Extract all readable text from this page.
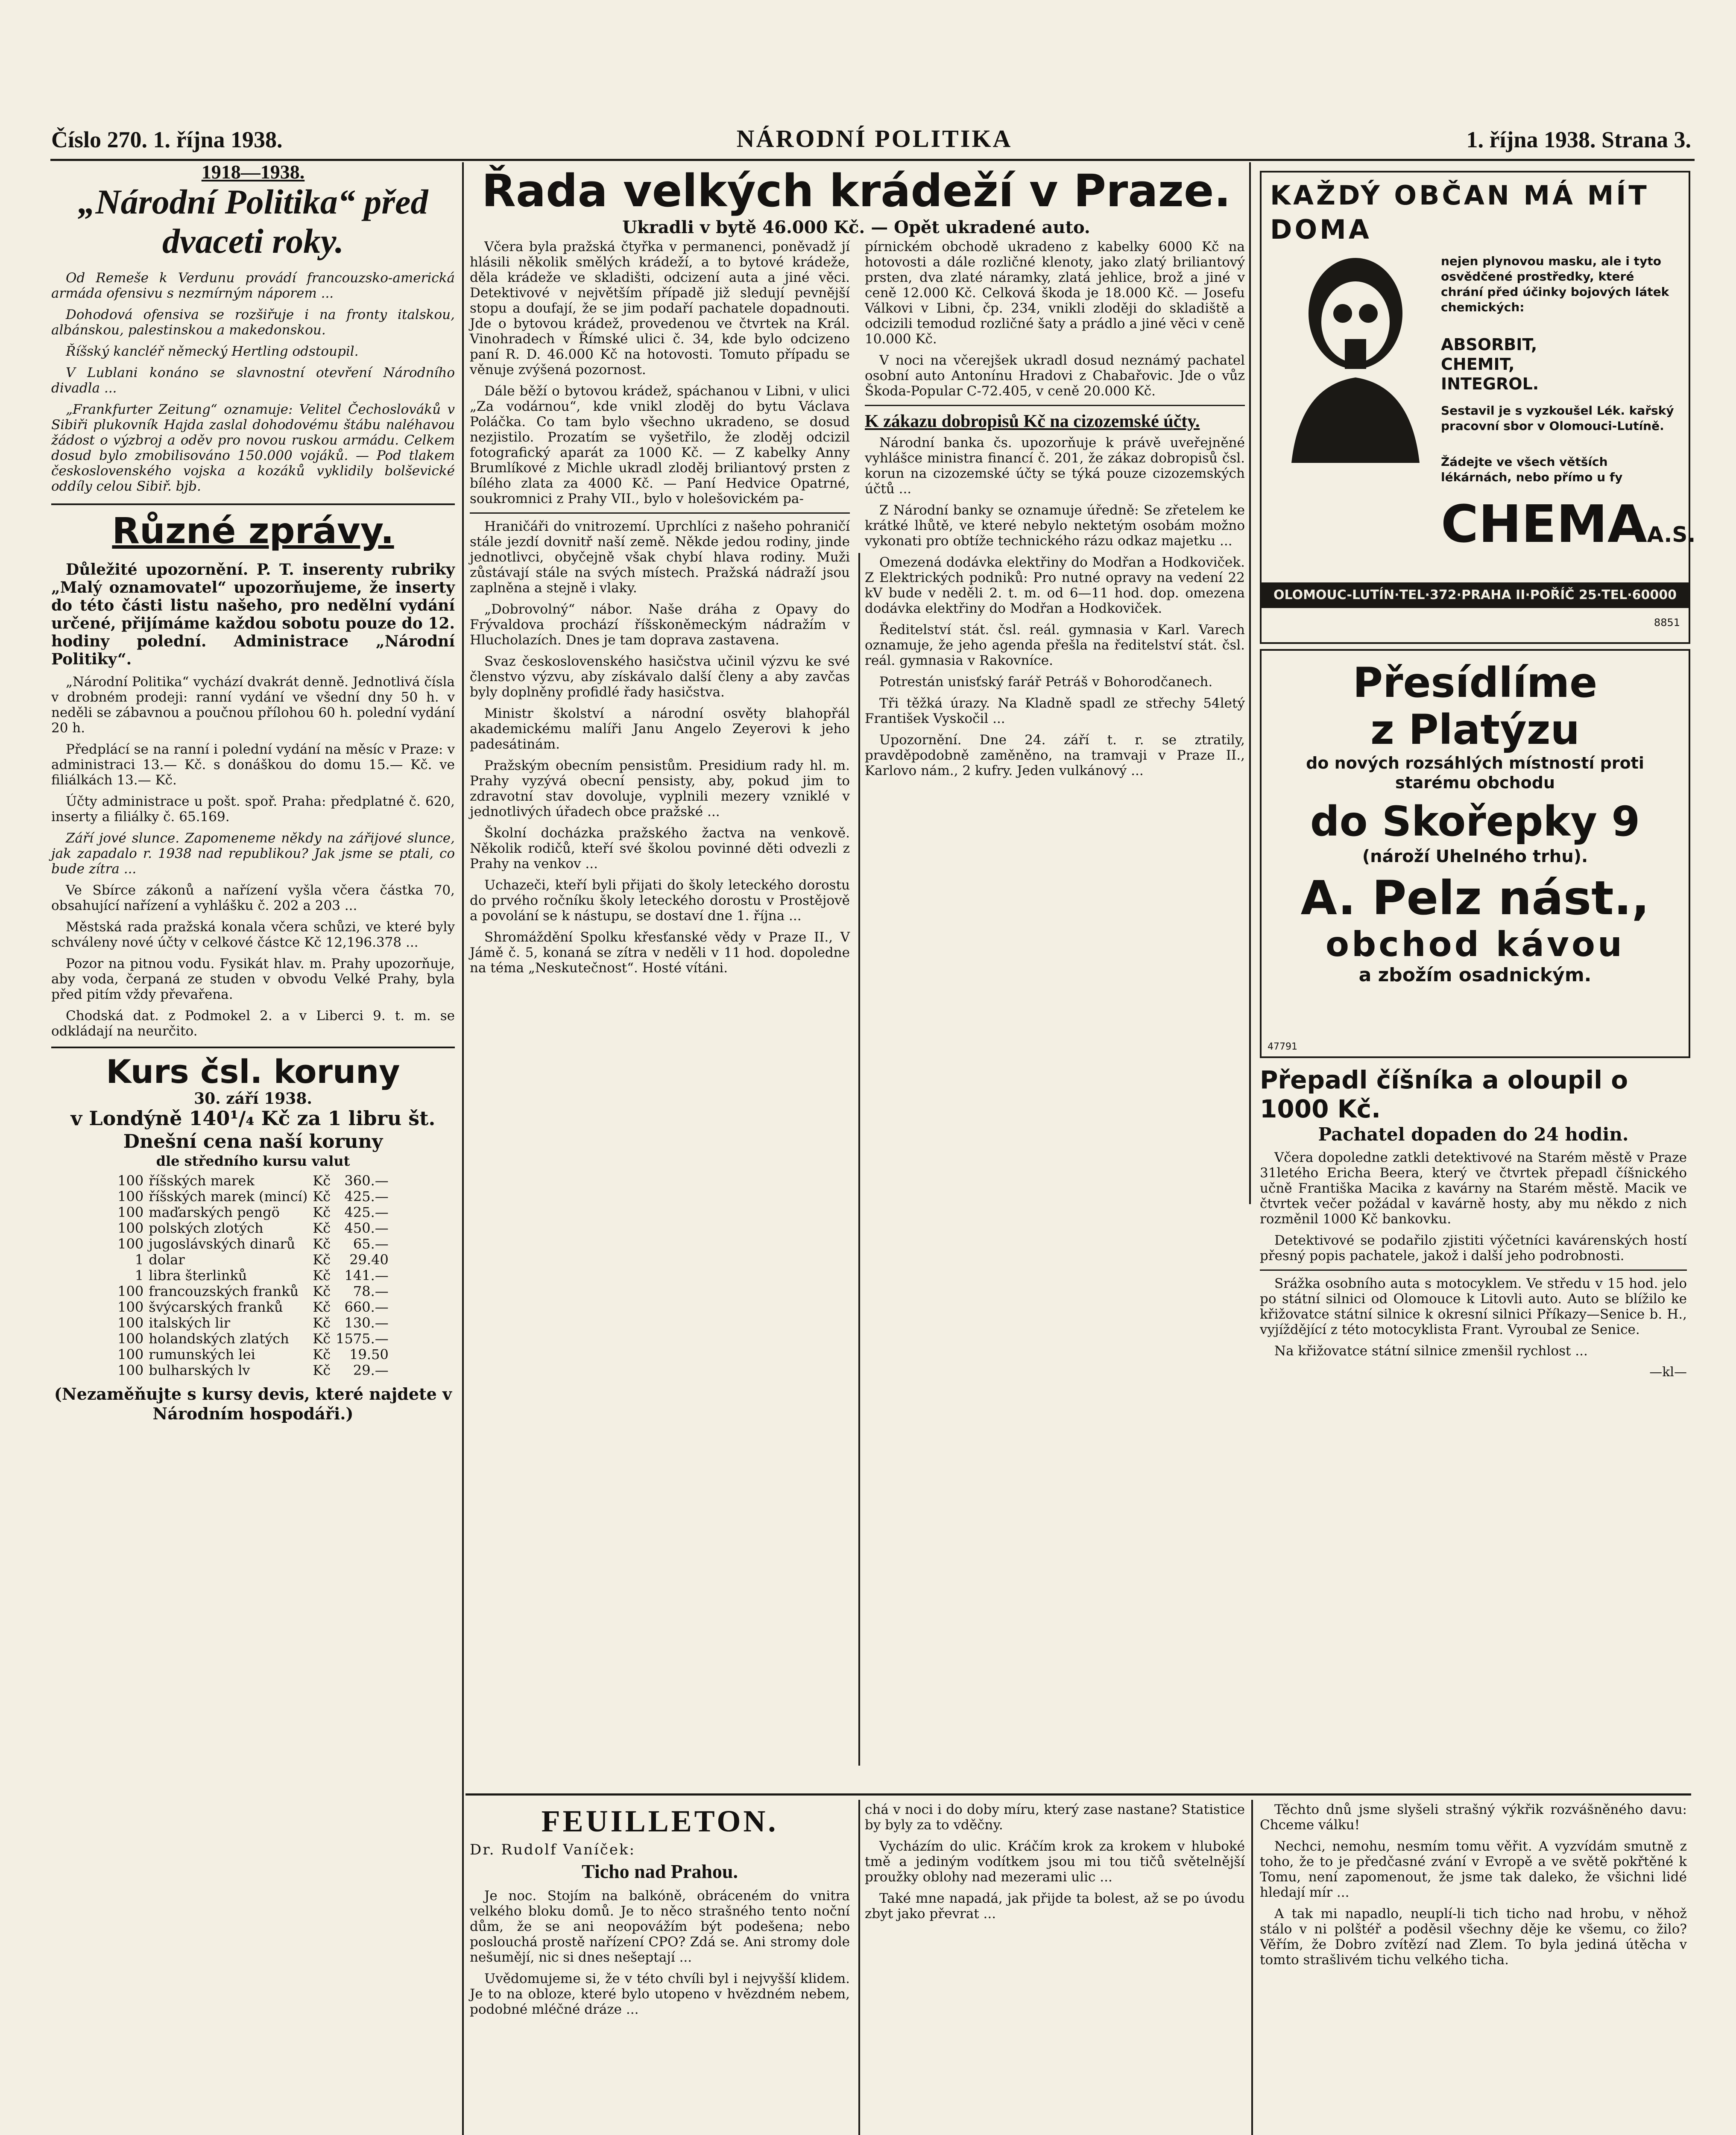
Číslo 270. 1. října 1938.	NÁRODNÍ POLITIKA	1. října 1938. Strana 3.
1918—1938.
„Národní Politika“ před dvaceti roky.

Od Remeše k Verdunu provádí francouzsko-americká armáda ofensivu s nezmírným náporem ...

Dohodová ofensiva se rozšiřuje i na fronty italskou, albánskou, palestinskou a makedonskou.

Říšský kancléř německý Hertling odstoupil.

V Lublani konáno se slavnostní otevření Národního divadla ...

„Frankfurter Zeitung“ oznamuje: Velitel Čechoslováků v Sibiři plukovník Hajda zaslal dohodovému štábu naléhavou žádost o výzbroj a oděv pro novou ruskou armádu. Celkem dosud bylo zmobilisováno 150.000 vojáků. — Pod tlakem československého vojska a kozáků vyklidily bolševické oddíly celou Sibiř. bjb.

Různé zprávy.

Důležité upozornění. P. T. inserenty rubriky „Malý oznamovatel“ upozorňujeme, že inserty do této části listu našeho, pro nedělní vydání určené, přijímáme každou sobotu pouze do 12. hodiny polední. Administrace „Národní Politiky“.

„Národní Politika“ vychází dvakrát denně. Jednotlivá čísla v drobném prodeji: ranní vydání ve všední dny 50 h. v neděli se zábavnou a poučnou přílohou 60 h. polední vydání 20 h.

Předplácí se na ranní i polední vydání na měsíc v Praze: v administraci 13.— Kč. s donáškou do domu 15.— Kč. ve filiálkách 13.— Kč.

Účty administrace u pošt. spoř. Praha: předplatné č. 620, inserty a filiálky č. 65.169.

Září jové slunce. Zapomeneme někdy na zářijové slunce, jak zapadalo r. 1938 nad republikou? Jak jsme se ptali, co bude zítra ...

Ve Sbírce zákonů a nařízení vyšla včera částka 70, obsahující nařízení a vyhlášku č. 202 a 203 ...

Městská rada pražská konala včera schůzi, ve které byly schváleny nové účty v celkové částce Kč 12,196.378 ...

Pozor na pitnou vodu. Fysikát hlav. m. Prahy upozorňuje, aby voda, čerpaná ze studen v obvodu Velké Prahy, byla před pitím vždy převařena.

Chodská dat. z Podmokel 2. a v Liberci 9. t. m. se odkládají na neurčito.

Kurs čsl. koruny
30. září 1938.
v Londýně 140¹/₄ Kč za 1 libru št.
Dnešní cena naší koruny
dle středního kursu valut
100	říšských marek	Kč	360.—
100	říšských marek (mincí)	Kč	425.—
100	maďarských pengö	Kč	425.—
100	polských zlotých	Kč	450.—
100	jugoslávských dinarů	Kč	65.—
1	dolar	Kč	29.40
1	libra šterlinků	Kč	141.—
100	francouzských franků	Kč	78.—
100	švýcarských franků	Kč	660.—
100	italských lir	Kč	130.—
100	holandských zlatých	Kč	1575.—
100	rumunských lei	Kč	19.50
100	bulharských lv	Kč	29.—
(Nezaměňujte s kursy devis, které najdete v Národním hospodáři.)
Řada velkých krádeží v Praze.
Ukradli v bytě 46.000 Kč. — Opět ukradené auto.

Včera byla pražská čtyřka v permanenci, poněvadž jí hlásili několik smělých krádeží, a to bytové krádeže, děla krádeže ve skladišti, odcizení auta a jiné věci. Detektivové v největším případě již sledují pevnější stopu a doufají, že se jim podaří pachatele dopadnouti. Jde o bytovou krádež, provedenou ve čtvrtek na Král. Vinohradech v Římské ulici č. 34, kde bylo odcizeno paní R. D. 46.000 Kč na hotovosti. Tomuto případu se věnuje zvýšená pozornost.

Dále běží o bytovou krádež, spáchanou v Libni, v ulici „Za vodárnou“, kde vnikl zloděj do bytu Václava Poláčka. Co tam bylo všechno ukradeno, se dosud nezjistilo. Prozatím se vyšetřilo, že zloděj odcizil fotografický aparát za 1000 Kč. — Z kabelky Anny Brumlíkové z Michle ukradl zloděj briliantový prsten z bílého zlata za 4000 Kč. — Paní Hedvice Opatrné, soukromnici z Prahy VII., bylo v holešovickém pa-

Hraničáři do vnitrozemí. Uprchlíci z našeho pohraničí stále jezdí dovnitř naší země. Někde jedou rodiny, jinde jednotlivci, obyčejně však chybí hlava rodiny. Muži zůstávají stále na svých místech. Pražská nádraží jsou zaplněna a stejně i vlaky.

„Dobrovolný“ nábor. Naše dráha z Opavy do Frývaldova prochází říšskoněmeckým nádražím v Hlucholazích. Dnes je tam doprava zastavena.

Svaz československého hasičstva učinil výzvu ke své členstvo výzvu, aby získávalo další členy a aby zavčas byly doplněny profidlé řady hasičstva.

Ministr školství a národní osvěty blahopřál akademickému malíři Janu Angelo Zeyerovi k jeho padesátinám.

Pražským obecním pensistům. Presidium rady hl. m. Prahy vyzývá obecní pensisty, aby, pokud jim to zdravotní stav dovoluje, vyplnili mezery vzniklé v jednotlivých úřadech obce pražské ...

Školní docházka pražského žactva na venkově. Několik rodičů, kteří své školou povinné děti odvezli z Prahy na venkov ...

Uchazeči, kteří byli přijati do školy leteckého dorostu do prvého ročníku školy leteckého dorostu v Prostějově a povolání se k nástupu, se dostaví dne 1. října ...

Shromáždění Spolku křesťanské vědy v Praze II., V Jámě č. 5, konaná se zítra v neděli v 11 hod. dopoledne na téma „Neskutečnost“. Hosté vítáni.

pírnickém obchodě ukradeno z kabelky 6000 Kč na hotovosti a dále rozličné klenoty, jako zlatý briliantový prsten, dva zlaté náramky, zlatá jehlice, brož a jiné v ceně 12.000 Kč. Celková škoda je 18.000 Kč. — Josefu Válkovi v Libni, čp. 234, vnikli zloději do skladiště a odcizili temodud rozličné šaty a prádlo a jiné věci v ceně 10.000 Kč.

V noci na včerejšek ukradl dosud neznámý pachatel osobní auto Antonínu Hradovi z Chabařovic. Jde o vůz Škoda-Popular C-72.405, v ceně 20.000 Kč.

K zákazu dobropisů Kč na cizozemské účty.

Národní banka čs. upozorňuje k právě uveřejněné vyhlášce ministra financí č. 201, že zákaz dobropisů čsl. korun na cizozemské účty se týká pouze cizozemských účtů ...

Z Národní banky se oznamuje úředně: Se zřetelem ke krátké lhůtě, ve které nebylo nektetým osobám možno vykonati pro obtíže technického rázu odkaz majetku ...

Omezená dodávka elektřiny do Modřan a Hodkoviček. Z Elektrických podniků: Pro nutné opravy na vedení 22 kV bude v neděli 2. t. m. od 6—11 hod. dop. omezena dodávka elektřiny do Modřan a Hodkoviček.

Ředitelství stát. čsl. reál. gymnasia v Karl. Varech oznamuje, že jeho agenda přešla na ředitelství stát. čsl. reál. gymnasia v Rakovníce.

Potrestán unisťský farář Petráš v Bohorodčanech.

Tři těžká úrazy. Na Kladně spadl ze střechy 54letý František Vyskočil ...

Upozornění. Dne 24. září t. r. se ztratily, pravděpodobně zaměněno, na tramvaji v Praze II., Karlovo nám., 2 kufry. Jeden vulkánový ...

KAŽDÝ OBČAN MÁ MÍT DOMA
nejen plynovou masku, ale i tyto osvědčené prostředky, které chrání před účinky bojových látek chemických:
ABSORBIT,
CHEMIT,
INTEGROL.
Sestavil je s vyzkoušel Lék. kařský pracovní sbor v Olomouci-Lutíně.
Žádejte ve všech větších lékárnách, nebo přímo u fy
CHEMAA.S.
OLOMOUC-LUTÍN·TEL·372·PRAHA II·POŘÍČ 25·TEL·60000
8851
Přesídlíme
z Platýzu
do nových rozsáhlých místností proti starému obchodu
do Skořepky 9
(nároží Uhelného trhu).
A. Pelz nást.,
obchod kávou
a zbožím osadnickým.
47791
Přepadl číšníka a oloupil o 1000 Kč.
Pachatel dopaden do 24 hodin.

Včera dopoledne zatkli detektivové na Starém městě v Praze 31letého Ericha Beera, který ve čtvrtek přepadl číšnického učně Františka Macika z kavárny na Starém městě. Macik ve čtvrtek večer požádal v kavárně hosty, aby mu někdo z nich rozměnil 1000 Kč bankovku.

Detektivové se podařilo zjistiti výčetníci kavárenských hostí přesný popis pachatele, jakož i další jeho podrobnosti.

Srážka osobního auta s motocyklem. Ve středu v 15 hod. jelo po státní silnici od Olomouce k Litovli auto. Auto se blížilo ke křižovatce státní silnice k okresní silnici Příkazy—Senice b. H., vyjíždějící z této motocyklista Frant. Vyroubal ze Senice.

Na křižovatce státní silnice zmenšil rychlost ...

—kl—
FEUILLETON.
Dr. Rudolf Vaníček:
Ticho nad Prahou.

Je noc. Stojím na balkóně, obráceném do vnitra velkého bloku domů. Je to něco strašného tento noční dům, že se ani neopovážím být podešena; nebo poslouchá prostě nařízení CPO? Zdá se. Ani stromy dole nešumějí, nic si dnes nešeptají ...

Uvědomujeme si, že v této chvíli byl i nejvyšší klidem. Je to na obloze, které bylo utopeno v hvězdném nebem, podobné mléčné dráze ...

chá v noci i do doby míru, který zase nastane? Statistice by byly za to vděčny.

Vycházím do ulic. Kráčím krok za krokem v hluboké tmě a jediným vodítkem jsou mi tou tičů světelnější proužky oblohy nad mezerami ulic ...

Také mne napadá, jak přijde ta bolest, až se po úvodu zbyt jako převrat ...

Těchto dnů jsme slyšeli strašný výkřik rozvášněného davu: Chceme válku!

Nechci, nemohu, nesmím tomu věřit. A vyzvídám smutně z toho, že to je předčasné zvání v Evropě a ve světě pokřtěné k Tomu, není zapomenout, že jsme tak daleko, že všichni lidé hledají mír ...

A tak mi napadlo, neuplí-li tich ticho nad hrobu, v něhož stálo v ni polštéř a poděsil všechny děje ke všemu, co žilo? Věřím, že Dobro zvítězí nad Zlem. To byla jediná útěcha v tomto strašlivém tichu velkého ticha.
